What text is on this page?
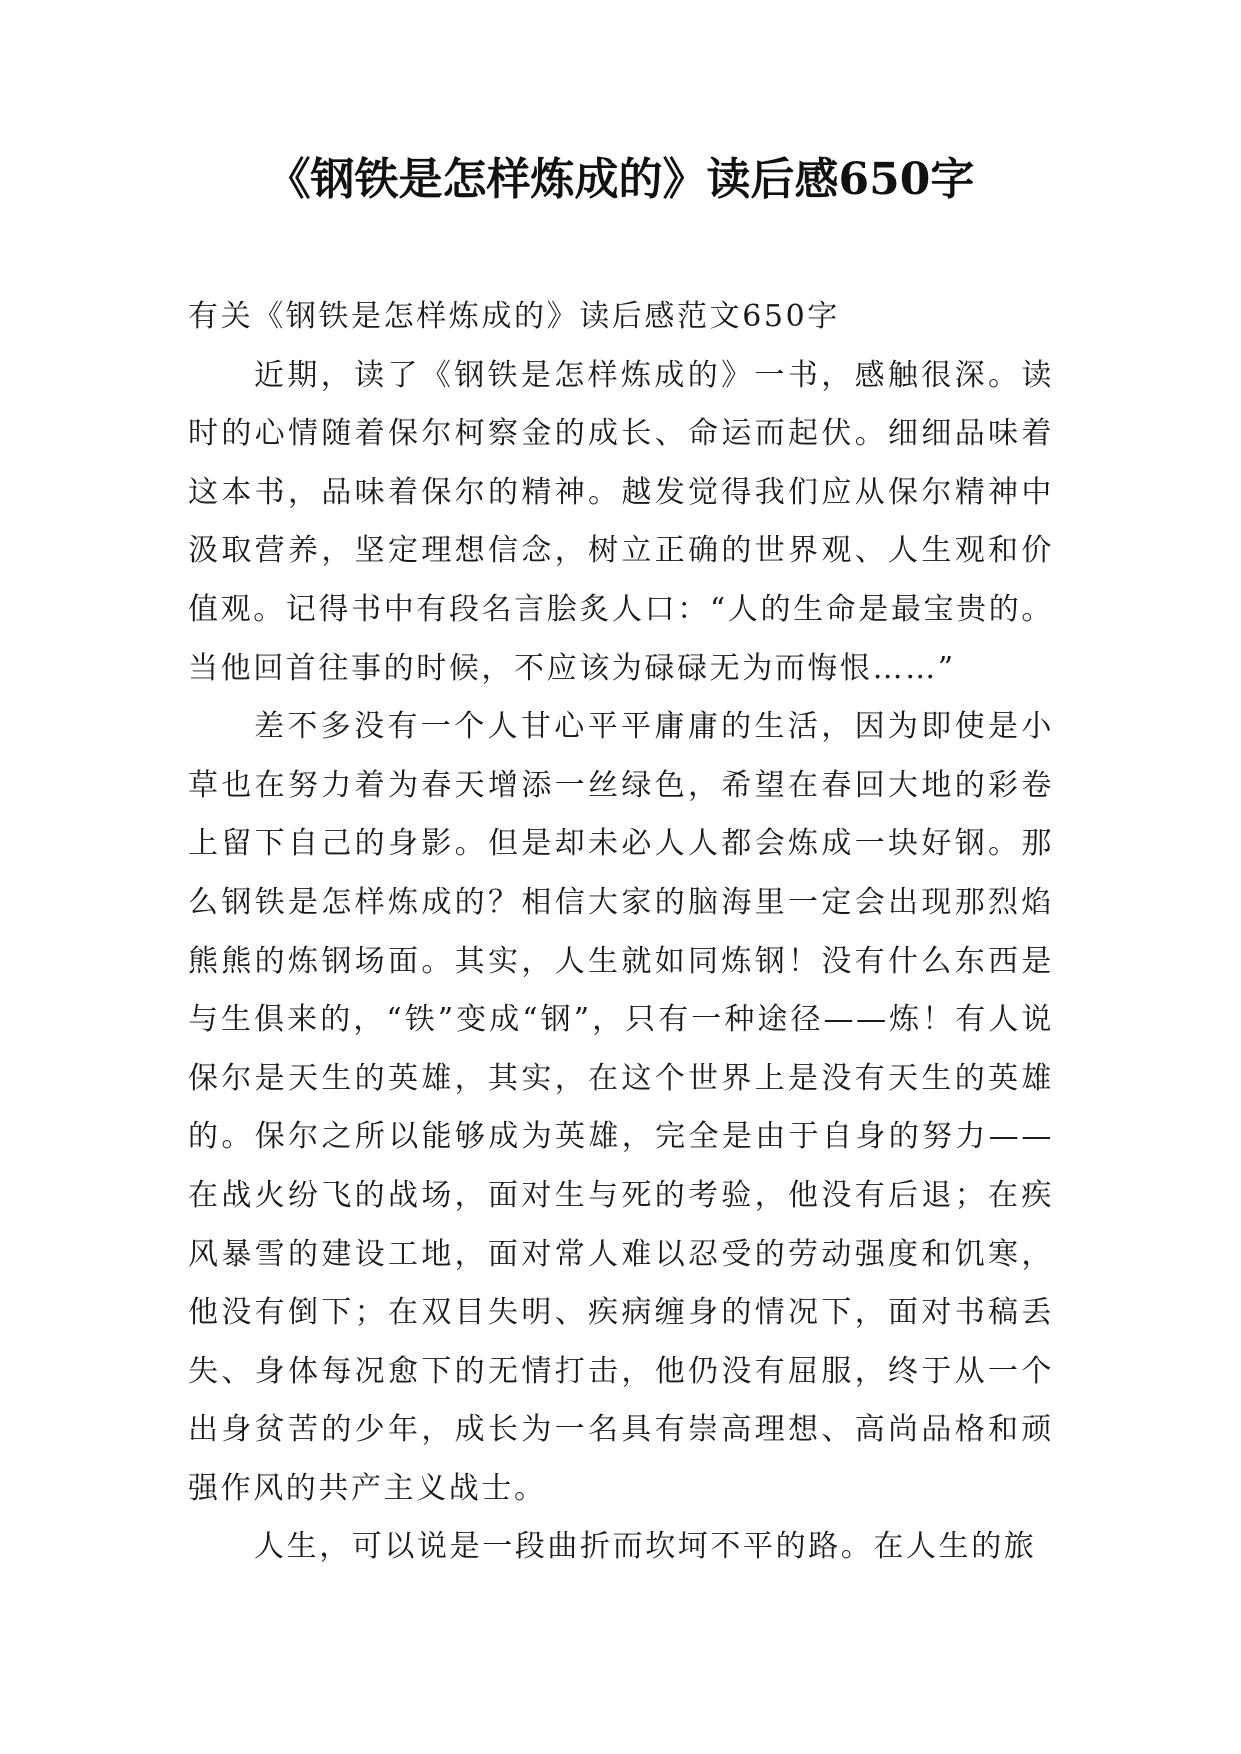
《钢铁是怎样炼成的》读后感650字

有关《钢铁是怎样炼成的》读后感范文650字

近期，读了《钢铁是怎样炼成的》一书，感触很深。读时的心情随着保尔柯察金的成长、命运而起伏。细细品味着这本书，品味着保尔的精神。越发觉得我们应从保尔精神中汲取营养，坚定理想信念，树立正确的世界观、人生观和价值观。记得书中有段名言脍炙人口：“人的生命是最宝贵的。当他回首往事的时候，不应该为碌碌无为而悔恨……”

差不多没有一个人甘心平平庸庸的生活，因为即使是小草也在努力着为春天增添一丝绿色，希望在春回大地的彩卷上留下自己的身影。但是却未必人人都会炼成一块好钢。那么钢铁是怎样炼成的？相信大家的脑海里一定会出现那烈焰熊熊的炼钢场面。其实，人生就如同炼钢！没有什么东西是与生俱来的，“铁”变成“钢”，只有一种途径——炼！有人说保尔是天生的英雄，其实，在这个世界上是没有天生的英雄的。保尔之所以能够成为英雄，完全是由于自身的努力——在战火纷飞的战场，面对生与死的考验，他没有后退；在疾风暴雪的建设工地，面对常人难以忍受的劳动强度和饥寒，他没有倒下；在双目失明、疾病缠身的情况下，面对书稿丢失、身体每况愈下的无情打击，他仍没有屈服，终于从一个出身贫苦的少年，成长为一名具有崇高理想、高尚品格和顽强作风的共产主义战士。

人生，可以说是一段曲折而坎坷不平的路。在人生的旅
